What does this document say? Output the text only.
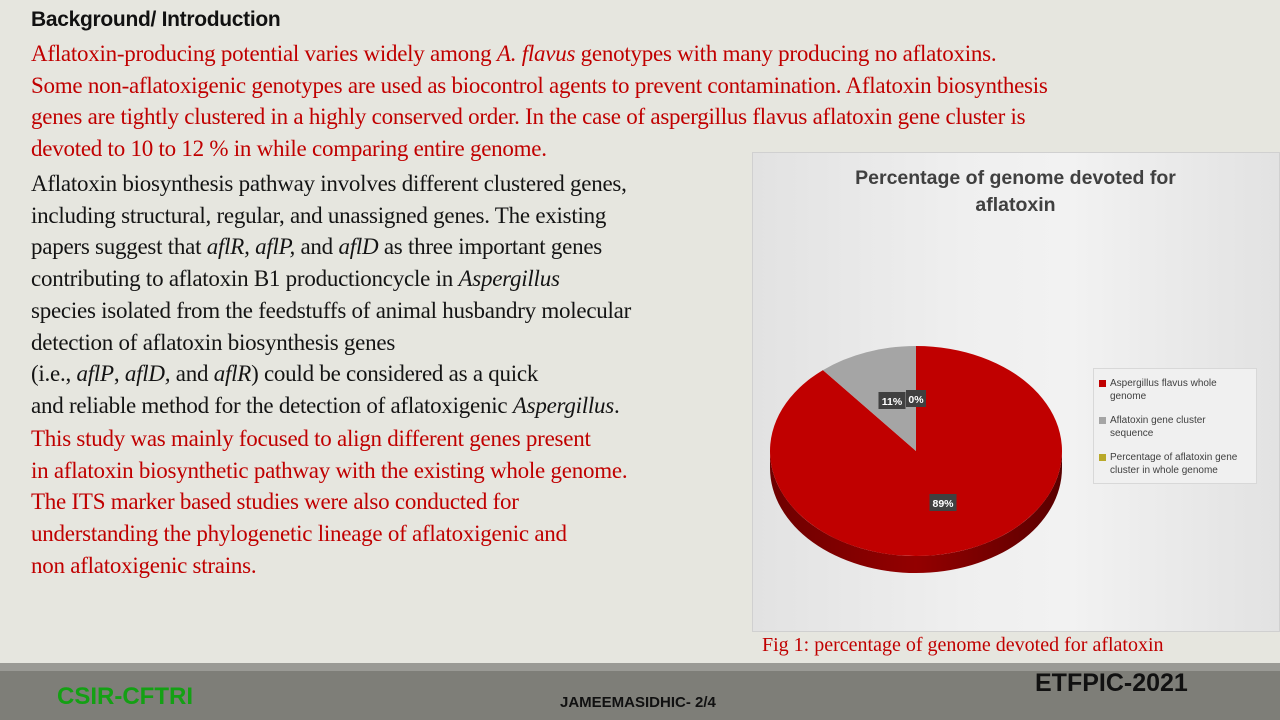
Background/ Introduction

Aflatoxin-producing potential varies widely among A. flavus genotypes with many producing no aflatoxins.
Some non-aflatoxigenic genotypes are used as biocontrol agents to prevent contamination. Aflatoxin biosynthesis
genes are tightly clustered in a highly conserved order. In the case of aspergillus flavus aflatoxin gene cluster is
devoted to 10 to 12 % in while comparing entire genome.

Aflatoxin biosynthesis pathway involves different clustered genes,
including structural, regular, and unassigned genes. The existing
papers suggest that aflR, aflP, and aflD as three important genes
contributing to aflatoxin B1 productioncycle in Aspergillus
species isolated from the feedstuffs of animal husbandry molecular
detection of aflatoxin biosynthesis genes
(i.e., aflP, aflD, and aflR) could be considered as a quick
and reliable method for the detection of aflatoxigenic Aspergillus.

This study was mainly focused to align different genes present
in aflatoxin biosynthetic pathway with the existing whole genome.
The ITS marker based studies were also conducted for
understanding the phylogenetic lineage of aflatoxigenic and
non aflatoxigenic strains.

Percentage of genome devoted for aflatoxin
89%
11% 0%
Aspergillus flavus whole genome
Aflatoxin gene cluster sequence
Percentage of aflatoxin gene cluster in whole genome
Fig 1: percentage of genome devoted for aflatoxin
CSIR-CFTRI	JAMEEMASIDHIC- 2/4
ETFPIC-2021
